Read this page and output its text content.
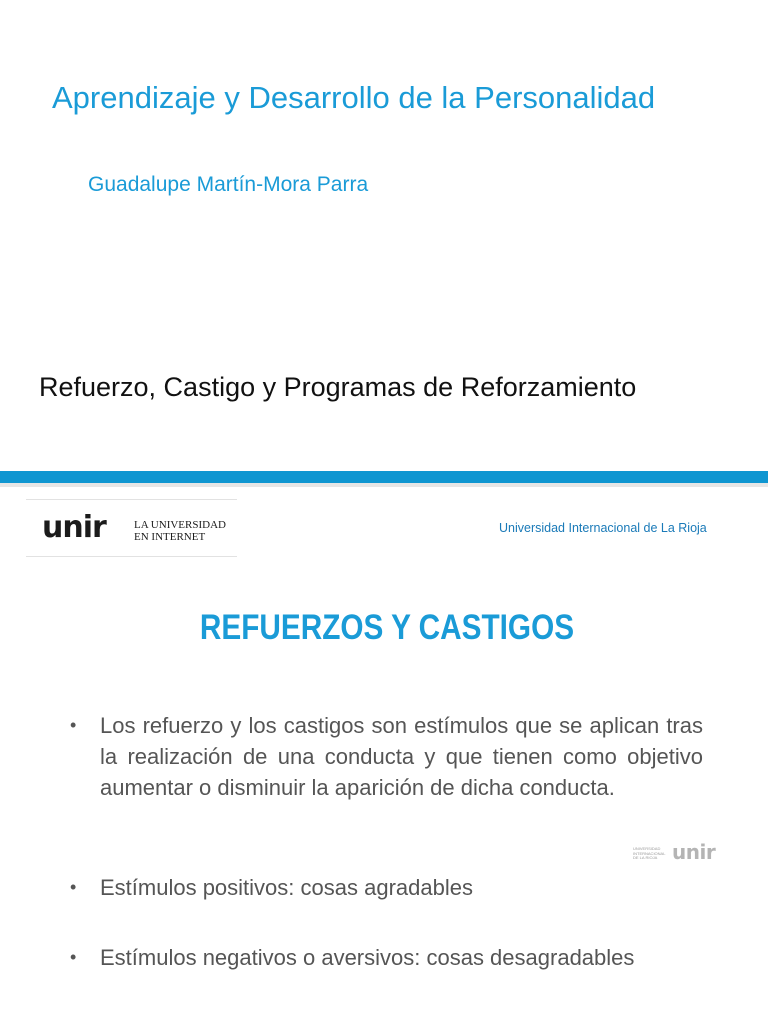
Aprendizaje y Desarrollo de la Personalidad
Guadalupe Martín-Mora Parra
Refuerzo, Castigo y Programas de Reforzamiento
unir	LA UNIVERSIDAD
EN INTERNET
Universidad Internacional de La Rioja
REFUERZOS Y CASTIGOS
•	Los refuerzo y los castigos son estímulos que se aplican tras la realización de una conducta y que tienen como objetivo aumentar o disminuir la aparición de dicha conducta.
•	Estímulos positivos: cosas agradables
•	Estímulos negativos o aversivos: cosas desagradables
UNIVERSIDAD INTERNACIONAL DE LA RIOJA unir
